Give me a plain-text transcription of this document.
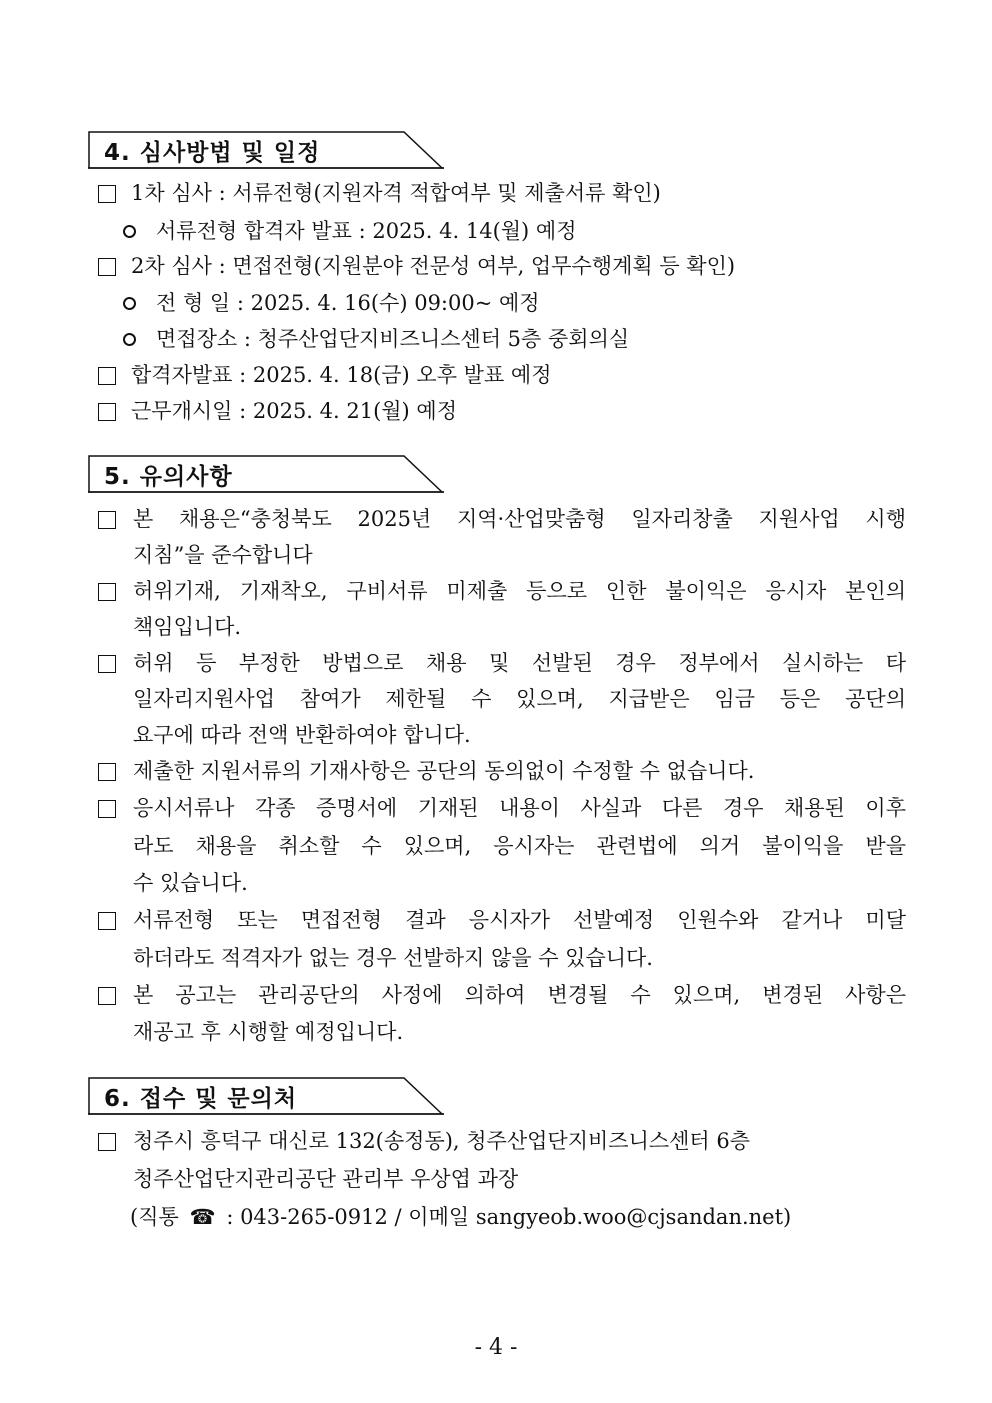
4. 심사방법 및 일정
1차 심사 : 서류전형(지원자격 적합여부 및 제출서류 확인)
서류전형 합격자 발표 : 2025. 4. 14(월) 예정
2차 심사 : 면접전형(지원분야 전문성 여부, 업무수행계획 등 확인)
전 형 일 : 2025. 4. 16(수) 09:00~ 예정
면접장소 : 청주산업단지비즈니스센터 5층 중회의실
합격자발표 : 2025. 4. 18(금) 오후 발표 예정
근무개시일 : 2025. 4. 21(월) 예정
5. 유의사항
본 채용은“충청북도 2025년 지역·산업맞춤형 일자리창출 지원사업 시행
지침”을 준수합니다
허위기재, 기재착오, 구비서류 미제출 등으로 인한 불이익은 응시자 본인의
책임입니다.
허위 등 부정한 방법으로 채용 및 선발된 경우 정부에서 실시하는 타
일자리지원사업 참여가 제한될 수 있으며, 지급받은 임금 등은 공단의
요구에 따라 전액 반환하여야 합니다.
제출한 지원서류의 기재사항은 공단의 동의없이 수정할 수 없습니다.
응시서류나 각종 증명서에 기재된 내용이 사실과 다른 경우 채용된 이후
라도 채용을 취소할 수 있으며, 응시자는 관련법에 의거 불이익을 받을
수 있습니다.
서류전형 또는 면접전형 결과 응시자가 선발예정 인원수와 같거나 미달
하더라도 적격자가 없는 경우 선발하지 않을 수 있습니다.
본 공고는 관리공단의 사정에 의하여 변경될 수 있으며, 변경된 사항은
재공고 후 시행할 예정입니다.
6. 접수 및 문의처
청주시 흥덕구 대신로 132(송정동), 청주산업단지비즈니스센터 6층
청주산업단지관리공단 관리부 우상엽 과장
(직통 ☎ : 043-265-0912 / 이메일 sangyeob.woo@cjsandan.net)
- 4 -
